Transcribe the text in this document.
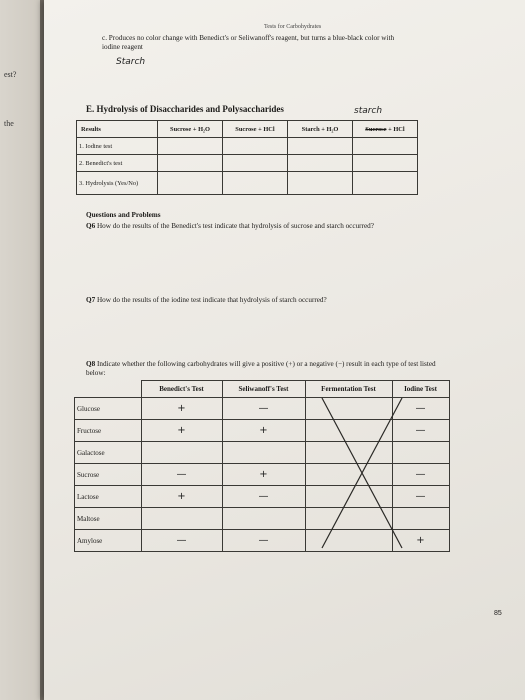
est?
the
Tests for Carbohydrates
c. Produces no color change with Benedict's or Seliwanoff's reagent, but turns a blue-black color with iodine reagent
Starch
E. Hydrolysis of Disaccharides and Polysaccharides	starch
Results	Sucrose + H₂O	Sucrose + HCl	Starch + H₂O	Sucrose + HCl
1. Iodine test				
2. Benedict's test				
3. Hydrolysis (Yes/No)				
Questions and Problems
Q6 How do the results of the Benedict's test indicate that hydrolysis of sucrose and starch occurred?
Q7 How do the results of the iodine test indicate that hydrolysis of starch occurred?
Q8 Indicate whether the following carbohydrates will give a positive (+) or a negative (−) result in each type of test listed below:
	Benedict's Test	Seliwanoff's Test	Fermentation Test	Iodine Test
Glucose	+	—		—
Fructose	+	+		—
Galactose				
Sucrose	—	+		—
Lactose	+	—		—
Maltose				
Amylose	—	—		+
85
